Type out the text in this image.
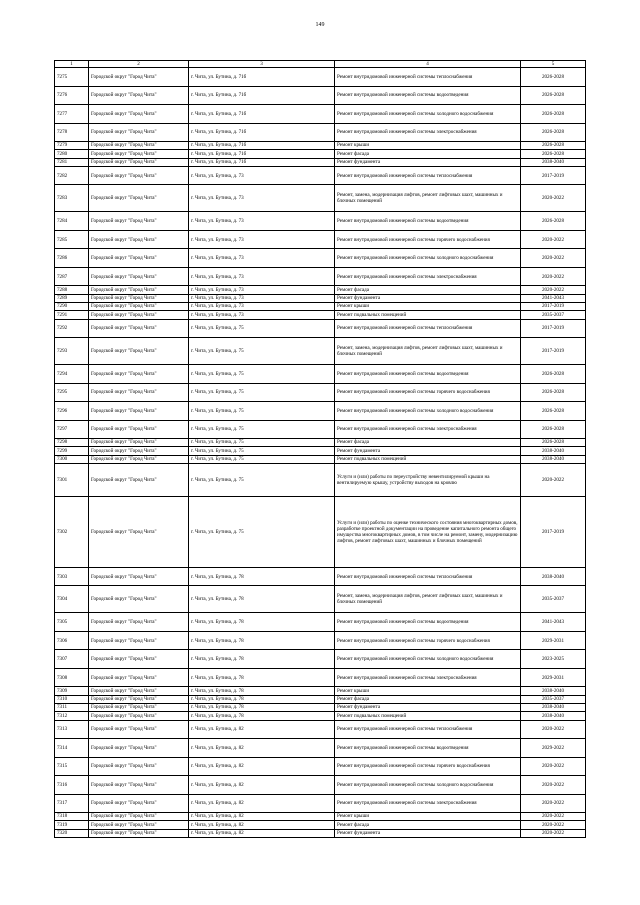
149
1	2	3	4	5
7275	Городской округ "Город Чита"	г. Чита, ул. Бутина, д. 71б	Ремонт внутридомовой инженерной системы теплоснабжения	2026-2028
7276	Городской округ "Город Чита"	г. Чита, ул. Бутина, д. 71б	Ремонт внутридомовой инженерной системы водоотведения	2026-2028
7277	Городской округ "Город Чита"	г. Чита, ул. Бутина, д. 71б	Ремонт внутридомовой инженерной системы холодного водоснабжения	2026-2028
7278	Городской округ "Город Чита"	г. Чита, ул. Бутина, д. 71б	Ремонт внутридомовой инженерной системы электроснабжения	2026-2028
7279	Городской округ "Город Чита"	г. Чита, ул. Бутина, д. 71б	Ремонт крыши	2026-2028
7280	Городской округ "Город Чита"	г. Чита, ул. Бутина, д. 71б	Ремонт фасада	2026-2028
7281	Городской округ "Город Чита"	г. Чита, ул. Бутина, д. 71б	Ремонт фундамента	2038-2040
7282	Городской округ "Город Чита"	г. Чита, ул. Бутина, д. 73	Ремонт внутридомовой инженерной системы теплоснабжения	2017-2019
7283	Городской округ "Город Чита"	г. Чита, ул. Бутина, д. 73	Ремонт, замена, модернизация лифтов, ремонт лифтовых шахт, машинных и блочных помещений	2020-2022
7284	Городской округ "Город Чита"	г. Чита, ул. Бутина, д. 73	Ремонт внутридомовой инженерной системы водоотведения	2026-2028
7285	Городской округ "Город Чита"	г. Чита, ул. Бутина, д. 73	Ремонт внутридомовой инженерной системы горячего водоснабжения	2020-2022
7286	Городской округ "Город Чита"	г. Чита, ул. Бутина, д. 73	Ремонт внутридомовой инженерной системы холодного водоснабжения	2020-2022
7287	Городской округ "Город Чита"	г. Чита, ул. Бутина, д. 73	Ремонт внутридомовой инженерной системы электроснабжения	2020-2022
7288	Городской округ "Город Чита"	г. Чита, ул. Бутина, д. 73	Ремонт фасада	2020-2022
7289	Городской округ "Город Чита"	г. Чита, ул. Бутина, д. 73	Ремонт фундамента	2041-2043
7290	Городской округ "Город Чита"	г. Чита, ул. Бутина, д. 73	Ремонт крыши	2017-2019
7291	Городской округ "Город Чита"	г. Чита, ул. Бутина, д. 73	Ремонт подвальных помещений	2035-2037
7292	Городской округ "Город Чита"	г. Чита, ул. Бутина, д. 75	Ремонт внутридомовой инженерной системы теплоснабжения	2017-2019
7293	Городской округ "Город Чита"	г. Чита, ул. Бутина, д. 75	Ремонт, замена, модернизация лифтов, ремонт лифтовых шахт, машинных и блочных помещений	2017-2019
7294	Городской округ "Город Чита"	г. Чита, ул. Бутина, д. 75	Ремонт внутридомовой инженерной системы водоотведения	2026-2028
7295	Городской округ "Город Чита"	г. Чита, ул. Бутина, д. 75	Ремонт внутридомовой инженерной системы горячего водоснабжения	2026-2028
7296	Городской округ "Город Чита"	г. Чита, ул. Бутина, д. 75	Ремонт внутридомовой инженерной системы холодного водоснабжения	2026-2028
7297	Городской округ "Город Чита"	г. Чита, ул. Бутина, д. 75	Ремонт внутридомовой инженерной системы электроснабжения	2026-2028
7298	Городской округ "Город Чита"	г. Чита, ул. Бутина, д. 75	Ремонт фасада	2026-2028
7299	Городской округ "Город Чита"	г. Чита, ул. Бутина, д. 75	Ремонт фундамента	2038-2040
7300	Городской округ "Город Чита"	г. Чита, ул. Бутина, д. 75	Ремонт подвальных помещений	2038-2040
7301	Городской округ "Город Чита"	г. Чита, ул. Бутина, д. 75	Услуги и (или) работы по переустройству невентилируемой крыши на вентилируемую крышу, устройству выходов на кровлю	2020-2022
7302	Городской округ "Город Чита"	г. Чита, ул. Бутина, д. 75	Услуги и (или) работы по оценке технического состояния многоквартирных домов, разработке проектной документации на проведение капитального ремонта общего имущества многоквартирных домов, в том числе на ремонт, замену, модернизацию лифтов, ремонт лифтовых шахт, машинных и блочных помещений	2017-2019
7303	Городской округ "Город Чита"	г. Чита, ул. Бутина, д. 78	Ремонт внутридомовой инженерной системы теплоснабжения	2038-2040
7304	Городской округ "Город Чита"	г. Чита, ул. Бутина, д. 78	Ремонт, замена, модернизация лифтов, ремонт лифтовых шахт, машинных и блочных помещений	2035-2037
7305	Городской округ "Город Чита"	г. Чита, ул. Бутина, д. 78	Ремонт внутридомовой инженерной системы водоотведения	2041-2043
7306	Городской округ "Город Чита"	г. Чита, ул. Бутина, д. 78	Ремонт внутридомовой инженерной системы горячего водоснабжения	2029-2031
7307	Городской округ "Город Чита"	г. Чита, ул. Бутина, д. 78	Ремонт внутридомовой инженерной системы холодного водоснабжения	2023-2025
7308	Городской округ "Город Чита"	г. Чита, ул. Бутина, д. 78	Ремонт внутридомовой инженерной системы электроснабжения	2029-2031
7309	Городской округ "Город Чита"	г. Чита, ул. Бутина, д. 78	Ремонт крыши	2038-2040
7310	Городской округ "Город Чита"	г. Чита, ул. Бутина, д. 78	Ремонт фасада	2035-2037
7311	Городской округ "Город Чита"	г. Чита, ул. Бутина, д. 78	Ремонт фундамента	2038-2040
7312	Городской округ "Город Чита"	г. Чита, ул. Бутина, д. 78	Ремонт подвальных помещений	2038-2040
7313	Городской округ "Город Чита"	г. Чита, ул. Бутина, д. 82	Ремонт внутридомовой инженерной системы теплоснабжения	2020-2022
7314	Городской округ "Город Чита"	г. Чита, ул. Бутина, д. 82	Ремонт внутридомовой инженерной системы водоотведения	2029-2022
7315	Городской округ "Город Чита"	г. Чита, ул. Бутина, д. 82	Ремонт внутридомовой инженерной системы горячего водоснабжения	2020-2022
7316	Городской округ "Город Чита"	г. Чита, ул. Бутина, д. 82	Ремонт внутридомовой инженерной системы холодного водоснабжения	2020-2022
7317	Городской округ "Город Чита"	г. Чита, ул. Бутина, д. 82	Ремонт внутридомовой инженерной системы электроснабжения	2020-2022
7318	Городской округ "Город Чита"	г. Чита, ул. Бутина, д. 82	Ремонт крыши	2020-2022
7319	Городской округ "Город Чита"	г. Чита, ул. Бутина, д. 82	Ремонт фасада	2020-2022
7320	Городской округ "Город Чита"	г. Чита, ул. Бутина, д. 82	Ремонт фундамента	2020-2022
